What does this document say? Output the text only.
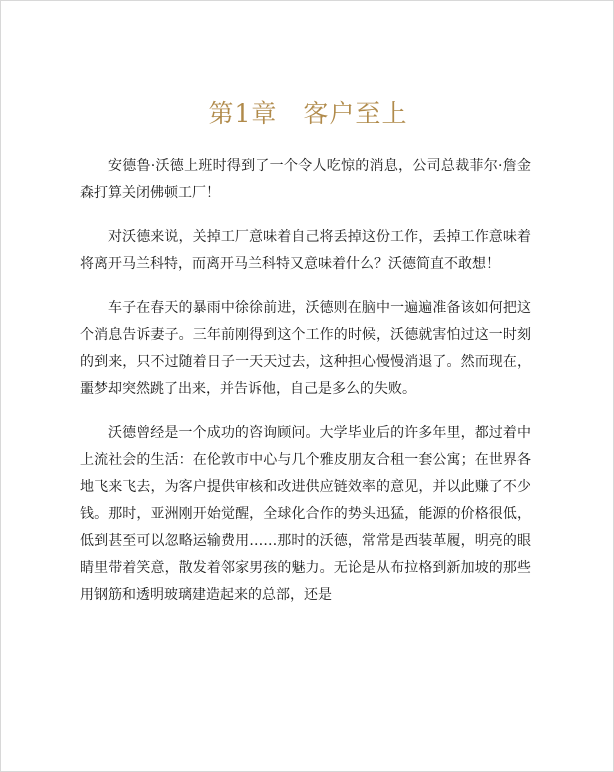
第1章　客户至上

安德鲁·沃德上班时得到了一个令人吃惊的消息，公司总裁菲尔·詹金森打算关闭佛顿工厂！

对沃德来说，关掉工厂意味着自己将丢掉这份工作，丢掉工作意味着将离开马兰科特，而离开马兰科特又意味着什么？沃德简直不敢想！

车子在春天的暴雨中徐徐前进，沃德则在脑中一遍遍准备该如何把这个消息告诉妻子。三年前刚得到这个工作的时候，沃德就害怕过这一时刻的到来，只不过随着日子一天天过去，这种担心慢慢消退了。然而现在，噩梦却突然跳了出来，并告诉他，自己是多么的失败。

沃德曾经是一个成功的咨询顾问。大学毕业后的许多年里，都过着中上流社会的生活：在伦敦市中心与几个雅皮朋友合租一套公寓；在世界各地飞来飞去，为客户提供审核和改进供应链效率的意见，并以此赚了不少钱。那时，亚洲刚开始觉醒，全球化合作的势头迅猛，能源的价格很低，低到甚至可以忽略运输费用……那时的沃德，常常是西装革履，明亮的眼睛里带着笑意，散发着邻家男孩的魅力。无论是从布拉格到新加坡的那些用钢筋和透明玻璃建造起来的总部，还是
